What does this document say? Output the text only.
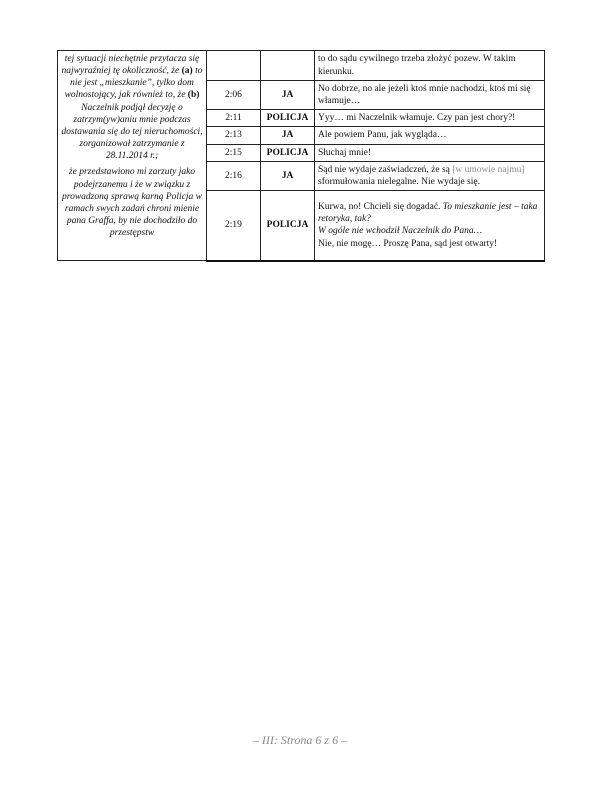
tej sytuacji niechętnie przytacza się najwyraźniej tę okoliczność, że (a) to nie jest „mieszkanie”, tylko dom wolnostojący, jak również to, że (b) Naczelnik podjął decyzję o zatrzym(yw)aniu mnie podczas dostawania się do tej nieruchomości, zorganizował zatrzymanie z 28.11.2014 r.;
że przedstawiono mi zarzuty jako podejrzanemu i że w związku z prowadzoną sprawą karną Policja w ramach swych zadań chroni mienie pana Graffa, by nie dochodziło do przestępstw			to do sądu cywilnego trzeba złożyć pozew. W takim kierunku.
	2:06	JA	No dobrze, no ale jeżeli ktoś mnie nachodzi, ktoś mi się włamuje…
	2:11	POLICJA	Yyy… mi Naczelnik włamuje. Czy pan jest chory?!
	2:13	JA	Ale powiem Panu, jak wygląda…
	2:15	POLICJA	Słuchaj mnie!
	2:16	JA	Sąd nie wydaje zaświadczeń, że są [w umowie najmu] sformułowania nielegalne. Nie wydaje się.
	2:19	POLICJA	Kurwa, no! Chcieli się dogadać. To mieszkanie jest – taka retoryka, tak?
W ogóle nie wchodził Naczelnik do Pana…
Nie, nie mogę… Proszę Pana, sąd jest otwarty!
– III: Strona 6 z 6 –
